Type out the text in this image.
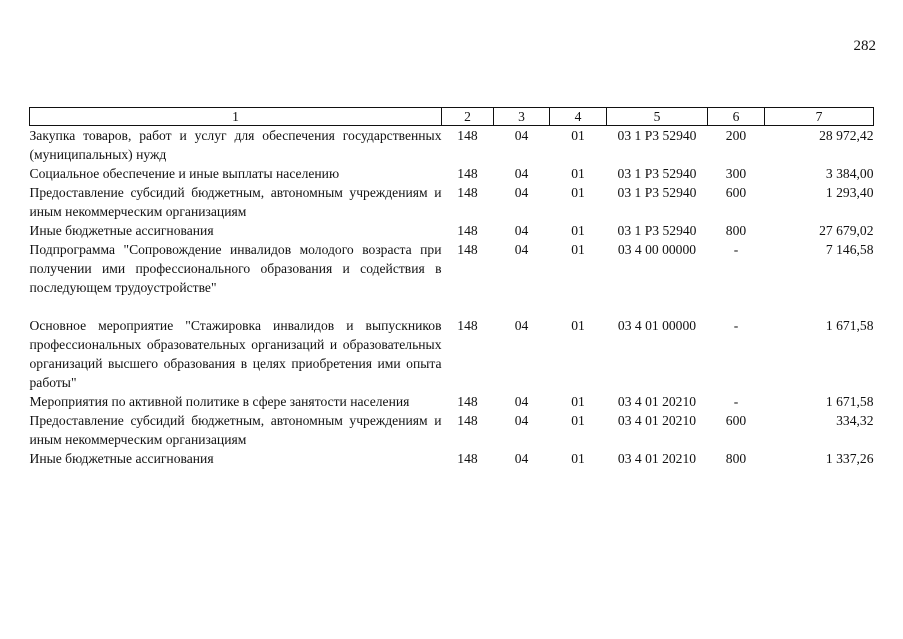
282
1	2	3	4	5	6	7
Закупка товаров, работ и услуг для обеспечения государственных (муниципальных) нужд	148	04	01	03 1 Р3 52940	200	28 972,42
Социальное обеспечение и иные выплаты населению	148	04	01	03 1 Р3 52940	300	3 384,00
Предоставление субсидий бюджетным, автономным учреждениям и иным некоммерческим организациям	148	04	01	03 1 Р3 52940	600	1 293,40
Иные бюджетные ассигнования	148	04	01	03 1 Р3 52940	800	27 679,02
Подпрограмма "Сопровождение инвалидов молодого возраста при получении ими профессионального образования и содействия в последующем трудоустройстве"	148	04	01	03 4 00 00000	-	7 146,58

Основное мероприятие "Стажировка инвалидов и выпускников профессиональных образовательных организаций и образовательных организаций высшего образования в целях приобретения ими опыта работы"	148	04	01	03 4 01 00000	-	1 671,58
Мероприятия по активной политике в сфере занятости населения	148	04	01	03 4 01 20210	-	1 671,58
Предоставление субсидий бюджетным, автономным учреждениям и иным некоммерческим организациям	148	04	01	03 4 01 20210	600	334,32
Иные бюджетные ассигнования	148	04	01	03 4 01 20210	800	1 337,26
